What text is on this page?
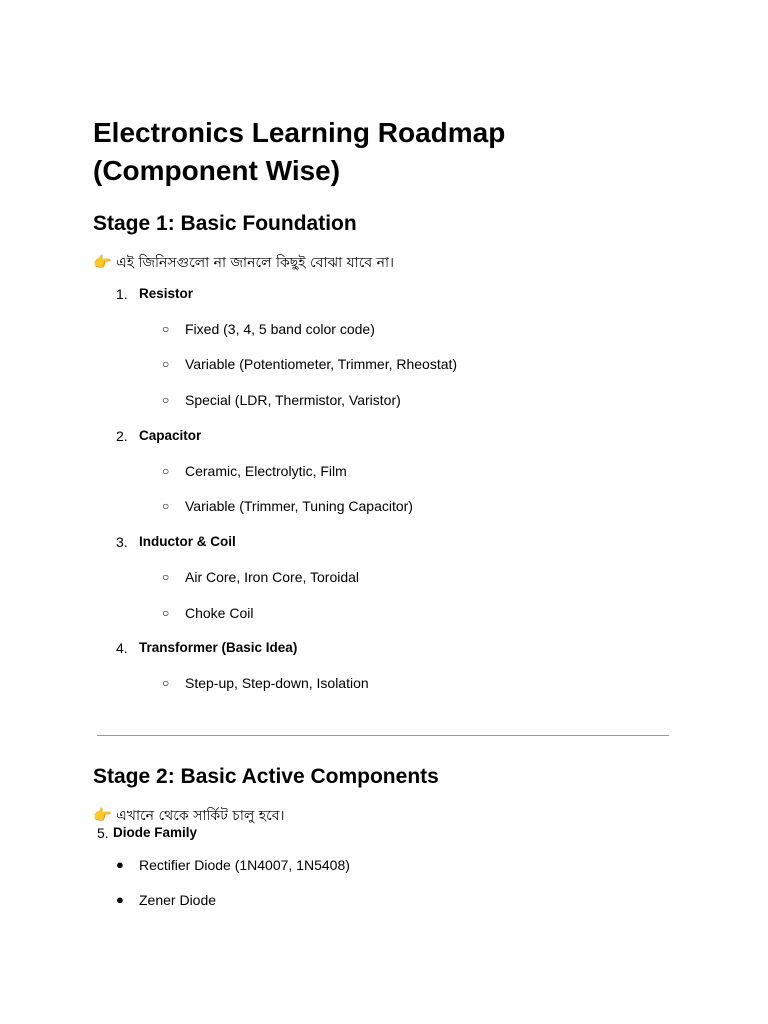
Electronics Learning Roadmap (Component Wise)
Stage 1: Basic Foundation

👉 এই জিনিসগুলো না জানলে কিছুই বোঝা যাবে না।

1. Resistor
○ Fixed (3, 4, 5 band color code)
○ Variable (Potentiometer, Trimmer, Rheostat)
○ Special (LDR, Thermistor, Varistor)
2. Capacitor
○ Ceramic, Electrolytic, Film
○ Variable (Trimmer, Tuning Capacitor)
3. Inductor & Coil
○ Air Core, Iron Core, Toroidal
○ Choke Coil
4. Transformer (Basic Idea)
○ Step-up, Step-down, Isolation
Stage 2: Basic Active Components

👉 এখানে থেকে সার্কিট চালু হবে।

5. Diode Family
● Rectifier Diode (1N4007, 1N5408)
● Zener Diode
